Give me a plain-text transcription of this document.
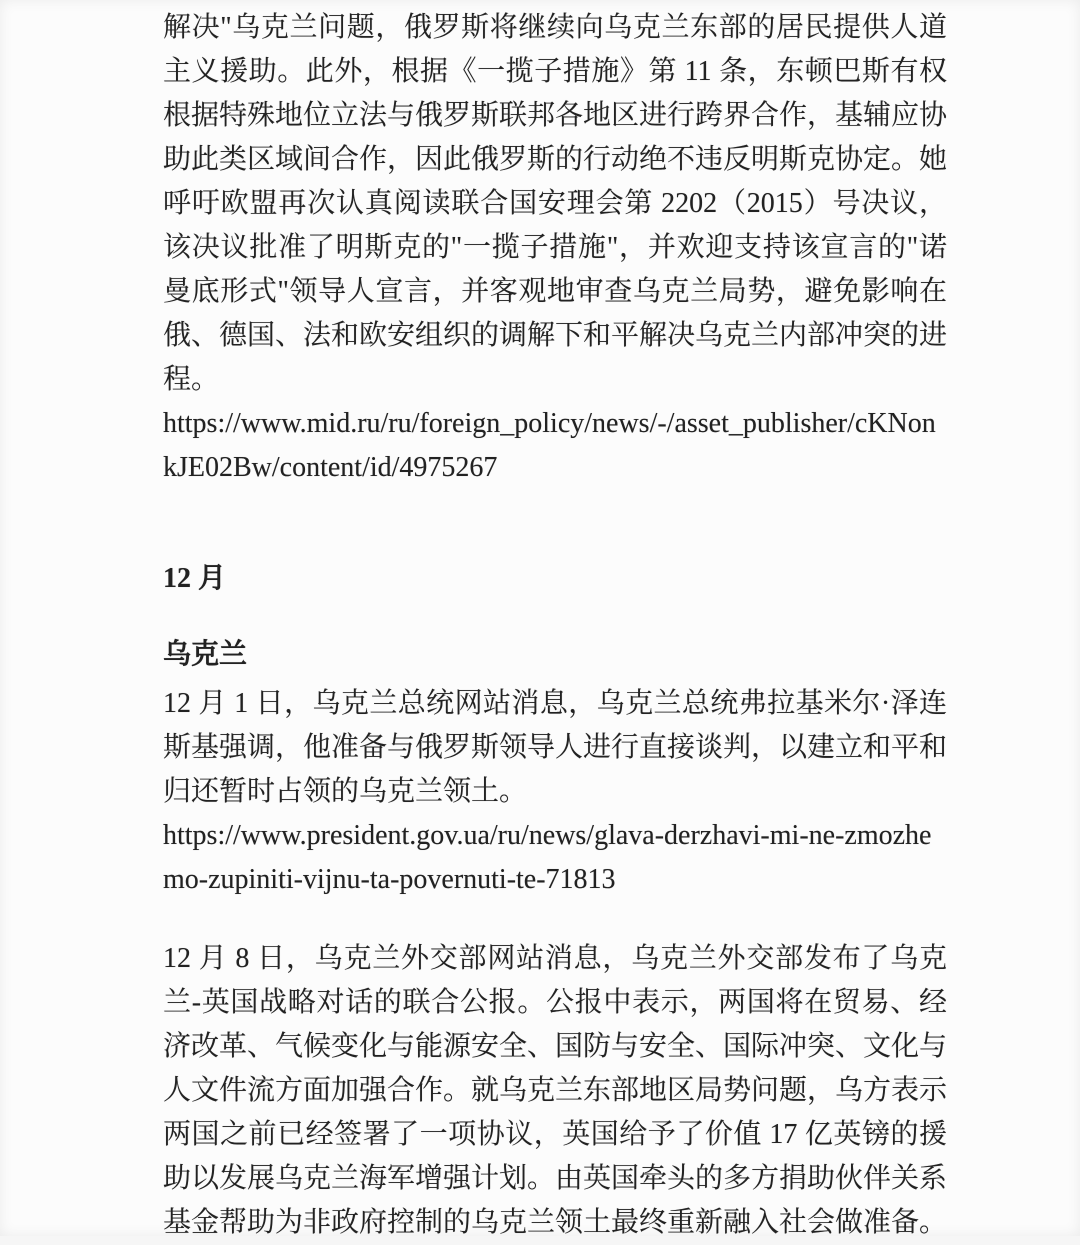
解决"乌克兰问题，俄罗斯将继续向乌克兰东部的居民提供人道主义援助。此外，根据《一揽子措施》第 11 条，东顿巴斯有权根据特殊地位立法与俄罗斯联邦各地区进行跨界合作，基辅应协助此类区域间合作，因此俄罗斯的行动绝不违反明斯克协定。她呼吁欧盟再次认真阅读联合国安理会第 2202（2015）号决议，该决议批准了明斯克的"一揽子措施"，并欢迎支持该宣言的"诺曼底形式"领导人宣言，并客观地审查乌克兰局势，避免影响在俄、德国、法和欧安组织的调解下和平解决乌克兰内部冲突的进程。

https://www.mid.ru/ru/foreign_policy/news/-/asset_publisher/cKNonkJE02Bw/content/id/4975267
12 月
乌克兰

12 月 1 日，乌克兰总统网站消息，乌克兰总统弗拉基米尔·泽连斯基强调，他准备与俄罗斯领导人进行直接谈判，以建立和平和归还暂时占领的乌克兰领土。

https://www.president.gov.ua/ru/news/glava-derzhavi-mi-ne-zmozhemo-zupiniti-vijnu-ta-povernuti-te-71813

12 月 8 日，乌克兰外交部网站消息，乌克兰外交部发布了乌克兰-英国战略对话的联合公报。公报中表示，两国将在贸易、经济改革、气候变化与能源安全、国防与安全、国际冲突、文化与人文件流方面加强合作。就乌克兰东部地区局势问题，乌方表示两国之前已经签署了一项协议，英国给予了价值 17 亿英镑的援助以发展乌克兰海军增强计划。由英国牵头的多方捐助伙伴关系基金帮助为非政府控制的乌克兰领土最终重新融入社会做准备。
